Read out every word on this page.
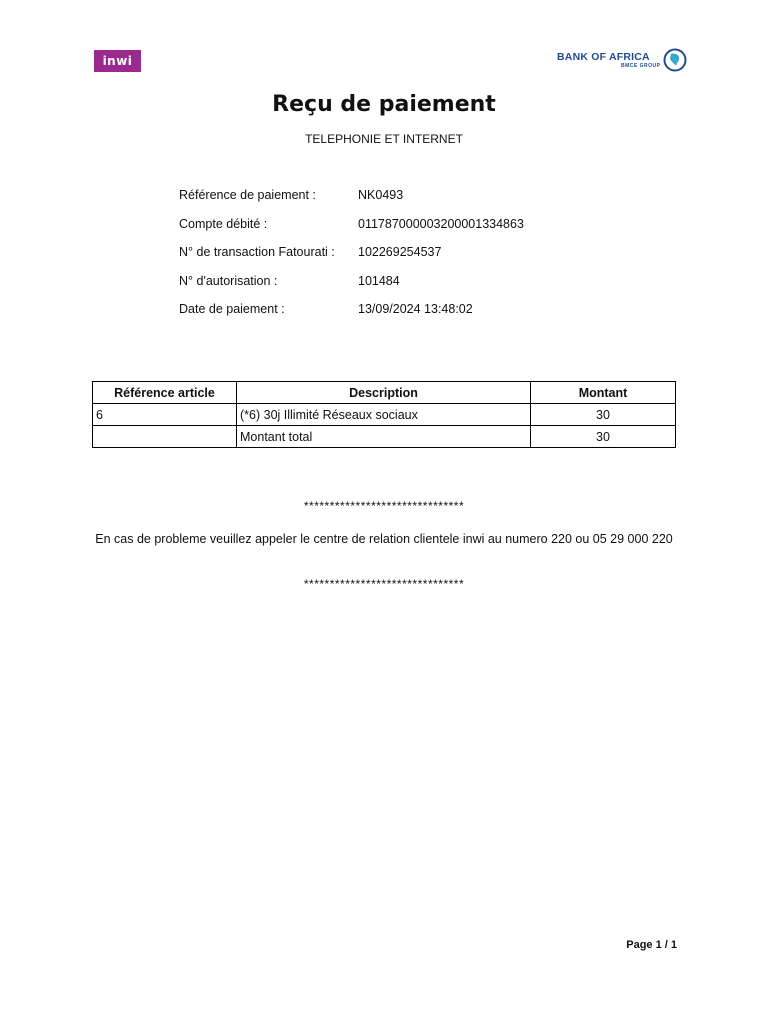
inwi	BANK OF AFRICA
BMCE GROUP
Reçu de paiement
TELEPHONIE ET INTERNET
Référence de paiement :	NK0493
Compte débité :	011787000003200001334863
N° de transaction Fatourati :	102269254537
N° d'autorisation :	101484
Date de paiement :	13/09/2024 13:48:02
Référence article	Description	Montant
6	(*6) 30j Illimité Réseaux sociaux	30
	Montant total	30
*******************************
En cas de probleme veuillez appeler le centre de relation clientele inwi au numero 220 ou 05 29 000 220
*******************************
Page 1 / 1
